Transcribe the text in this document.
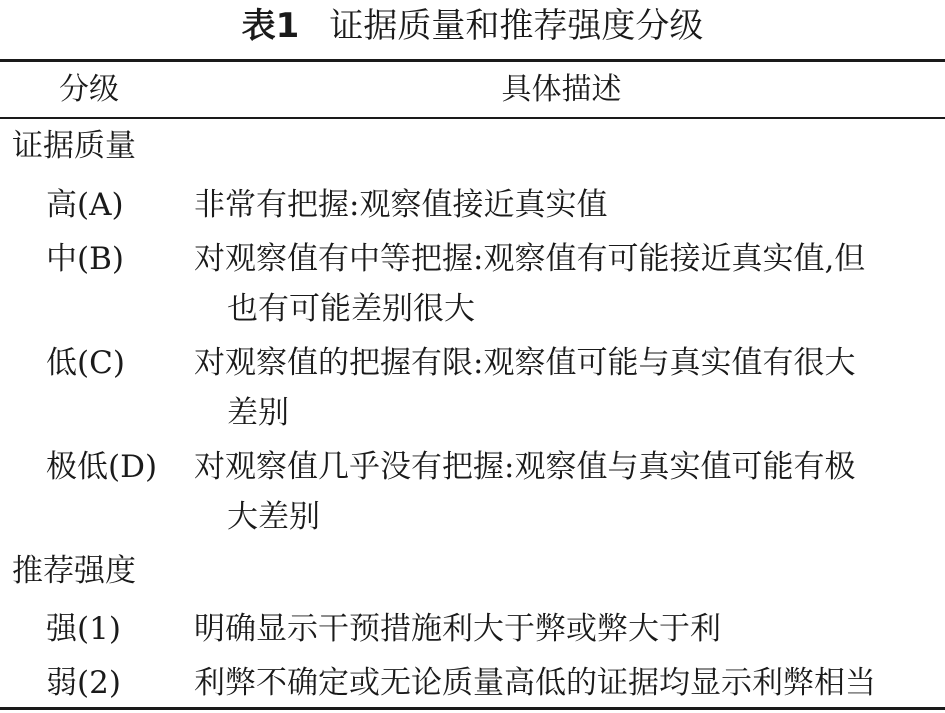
表1 证据质量和推荐强度分级
分级	具体描述
证据质量
高(A) 非常有把握:观察值接近真实值
中(B) 对观察值有中等把握:观察值有可能接近真实值,但
也有可能差别很大
低(C) 对观察值的把握有限:观察值可能与真实值有很大
差别
极低(D) 对观察值几乎没有把握:观察值与真实值可能有极
大差别
推荐强度
强(1) 明确显示干预措施利大于弊或弊大于利
弱(2) 利弊不确定或无论质量高低的证据均显示利弊相当
